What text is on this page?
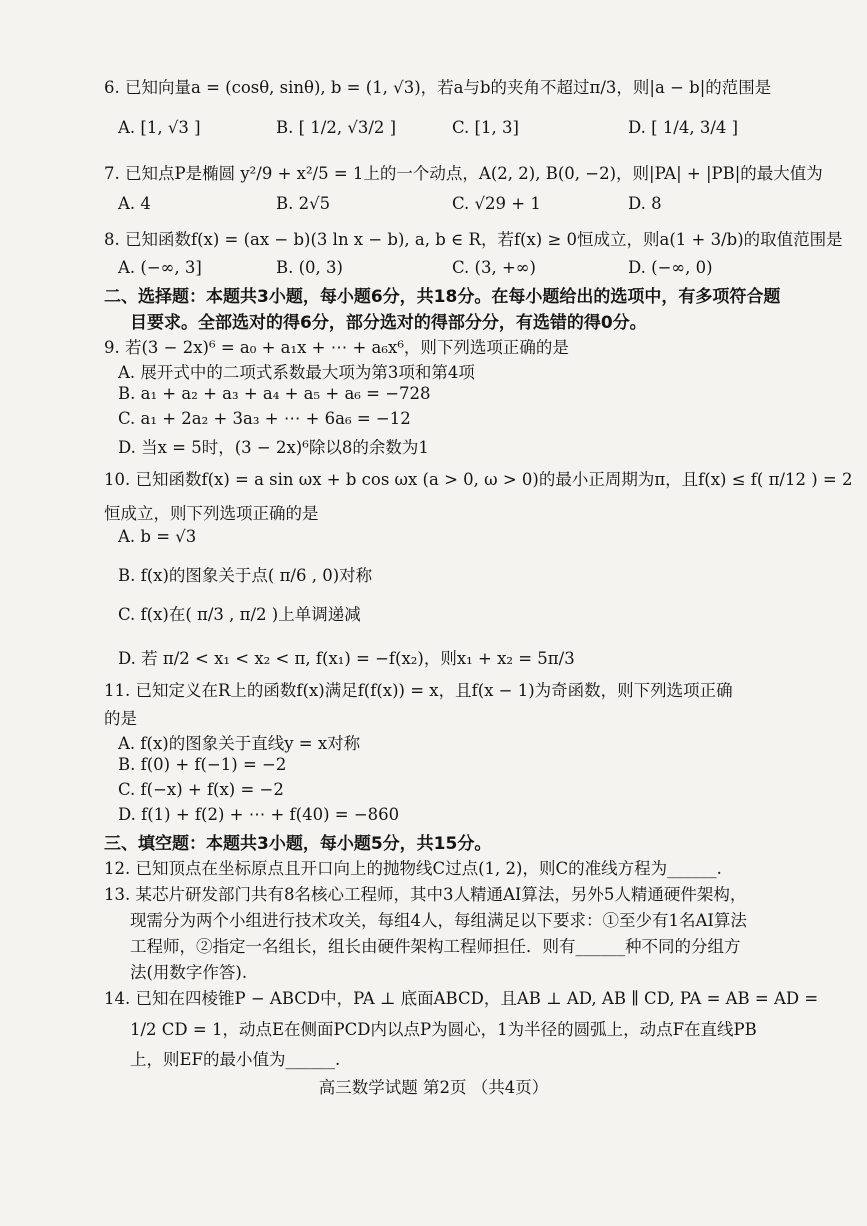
6. 已知向量a = (cosθ, sinθ), b = (1, √3)，若a与b的夹角不超过π/3，则|a − b|的范围是
A. [1, √3 ]	B. [ 1/2, √3/2 ]	C. [1, 3]	D. [ 1/4, 3/4 ]
7. 已知点P是椭圆 y²/9 + x²/5 = 1上的一个动点，A(2, 2), B(0, −2)，则|PA| + |PB|的最大值为
A. 4	B. 2√5	C. √29 + 1	D. 8
8. 已知函数f(x) = (ax − b)(3 ln x − b), a, b ∈ R，若f(x) ≥ 0恒成立，则a(1 + 3/b)的取值范围是
A. (−∞, 3]	B. (0, 3)	C. (3, +∞)	D. (−∞, 0)
二、选择题：本题共3小题，每小题6分，共18分。在每小题给出的选项中，有多项符合题
目要求。全部选对的得6分，部分选对的得部分分，有选错的得0分。
9. 若(3 − 2x)⁶ = a₀ + a₁x + ⋯ + a₆x⁶，则下列选项正确的是
A. 展开式中的二项式系数最大项为第3项和第4项
B. a₁ + a₂ + a₃ + a₄ + a₅ + a₆ = −728
C. a₁ + 2a₂ + 3a₃ + ⋯ + 6a₆ = −12
D. 当x = 5时，(3 − 2x)⁶除以8的余数为1
10. 已知函数f(x) = a sin ωx + b cos ωx (a > 0, ω > 0)的最小正周期为π，且f(x) ≤ f( π/12 ) = 2
恒成立，则下列选项正确的是
A. b = √3
B. f(x)的图象关于点( π/6 , 0)对称
C. f(x)在( π/3 , π/2 )上单调递减
D. 若 π/2 < x₁ < x₂ < π, f(x₁) = −f(x₂)，则x₁ + x₂ = 5π/3
11. 已知定义在R上的函数f(x)满足f(f(x)) = x，且f(x − 1)为奇函数，则下列选项正确
的是
A. f(x)的图象关于直线y = x对称
B. f(0) + f(−1) = −2
C. f(−x) + f(x) = −2
D. f(1) + f(2) + ⋯ + f(40) = −860
三、填空题：本题共3小题，每小题5分，共15分。
12. 已知顶点在坐标原点且开口向上的抛物线C过点(1, 2)，则C的准线方程为______.
13. 某芯片研发部门共有8名核心工程师，其中3人精通AI算法，另外5人精通硬件架构，
现需分为两个小组进行技术攻关，每组4人，每组满足以下要求：①至少有1名AI算法
工程师，②指定一名组长，组长由硬件架构工程师担任．则有______种不同的分组方
法(用数字作答).
14. 已知在四棱锥P − ABCD中，PA ⊥ 底面ABCD，且AB ⊥ AD, AB ∥ CD, PA = AB = AD =
1/2 CD = 1，动点E在侧面PCD内以点P为圆心，1为半径的圆弧上，动点F在直线PB
上，则EF的最小值为______.
高三数学试题 第2页 （共4页）
